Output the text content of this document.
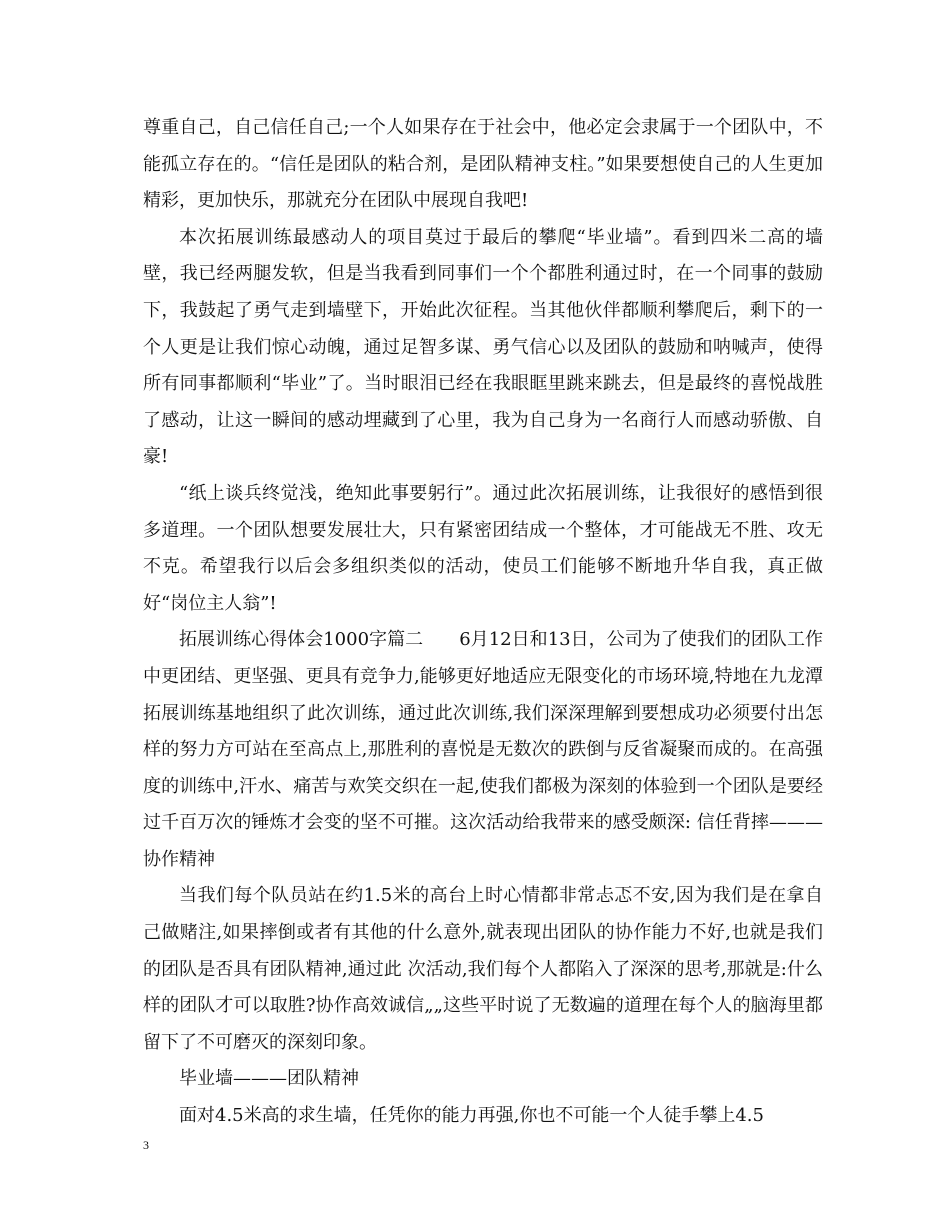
尊重自己，自己信任自己;一个人如果存在于社会中，他必定会隶属于一个团队中，不能孤立存在的。“信任是团队的粘合剂，是团队精神支柱。”如果要想使自己的人生更加精彩，更加快乐，那就充分在团队中展现自我吧!

本次拓展训练最感动人的项目莫过于最后的攀爬“毕业墙”。看到四米二高的墙壁，我已经两腿发软，但是当我看到同事们一个个都胜利通过时，在一个同事的鼓励下，我鼓起了勇气走到墙壁下，开始此次征程。当其他伙伴都顺利攀爬后，剩下的一个人更是让我们惊心动魄，通过足智多谋、勇气信心以及团队的鼓励和呐喊声，使得所有同事都顺利“毕业”了。当时眼泪已经在我眼眶里跳来跳去，但是最终的喜悦战胜了感动，让这一瞬间的感动埋藏到了心里，我为自己身为一名商行人而感动骄傲、自豪!

“纸上谈兵终觉浅，绝知此事要躬行”。通过此次拓展训练，让我很好的感悟到很多道理。一个团队想要发展壮大，只有紧密团结成一个整体，才可能战无不胜、攻无不克。希望我行以后会多组织类似的活动，使员工们能够不断地升华自我，真正做好“岗位主人翁”!

拓展训练心得体会1000字篇二　　6月12日和13日，公司为了使我们的团队工作中更团结、更坚强、更具有竞争力,能够更好地适应无限变化的市场环境,特地在九龙潭拓展训练基地组织了此次训练，通过此次训练,我们深深理解到要想成功必须要付出怎样的努力方可站在至高点上,那胜利的喜悦是无数次的跌倒与反省凝聚而成的。在高强度的训练中,汗水、痛苦与欢笑交织在一起,使我们都极为深刻的体验到一个团队是要经过千百万次的锤炼才会变的坚不可摧。这次活动给我带来的感受颇深: 信任背摔———协作精神

当我们每个队员站在约1.5米的高台上时心情都非常忐忑不安,因为我们是在拿自己做赌注,如果摔倒或者有其他的什么意外,就表现出团队的协作能力不好,也就是我们的团队是否具有团队精神,通过此 次活动,我们每个人都陷入了深深的思考,那就是:什么样的团队才可以取胜?协作高效诚信„„这些平时说了无数遍的道理在每个人的脑海里都留下了不可磨灭的深刻印象。

毕业墙———团队精神

面对4.5米高的求生墙，任凭你的能力再强,你也不可能一个人徒手攀上4.5

3
